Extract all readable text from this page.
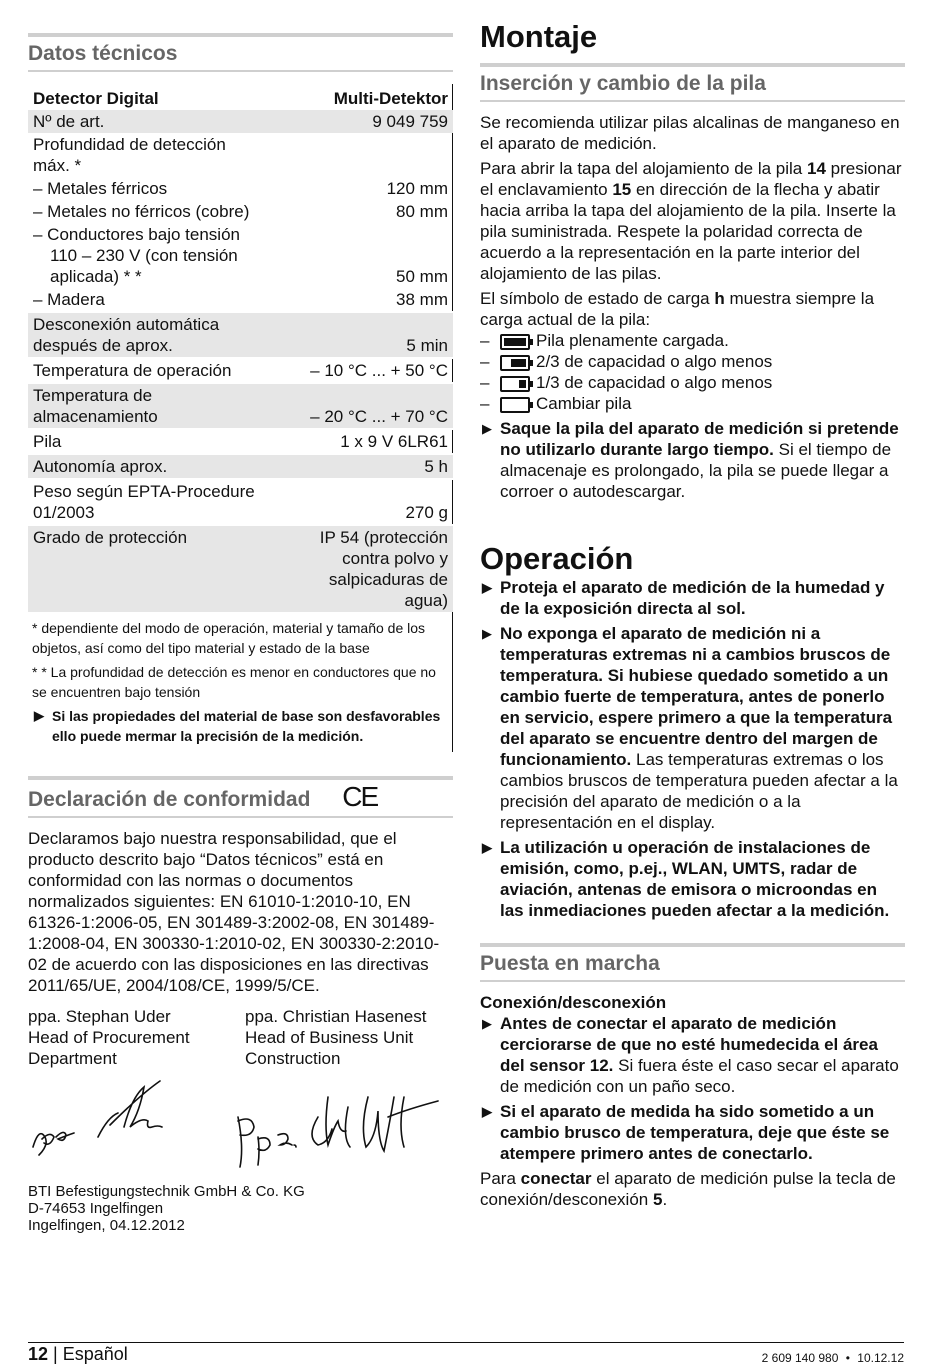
Datos técnicos
Detector Digital	Multi-Detektor
Nº de art.	9 049 759
Profundidad de detección máx. *	
– Metales férricos	120 mm
– Metales no férricos (cobre)	80 mm
– Conductores bajo tensión 110 – 230 V (con tensión aplicada) * *	50 mm
– Madera	38 mm
Desconexión automática después de aprox.	5 min
Temperatura de operación	– 10 °C ... + 50 °C
Temperatura de almacenamiento	– 20 °C ... + 70 °C
Pila	1 x 9 V 6LR61
Autonomía aprox.	5 h
Peso según EPTA-Procedure 01/2003	270 g
Grado de protección	IP 54 (protección contra polvo y salpicaduras de agua)

* dependiente del modo de operación, material y tamaño de los objetos, así como del tipo material y estado de la base

* * La profundidad de detección es menor en conductores que no se encuentren bajo tensión

▶ Si las propiedades del material de base son desfavorables ello puede mermar la precisión de la medición.

Declaración de conformidad CE

Declaramos bajo nuestra responsabilidad, que el producto descrito bajo “Datos técnicos” está en conformidad con las normas o documentos normalizados siguientes: EN 61010-1:2010-10, EN 61326-1:2006-05, EN 301489-3:2002-08, EN 301489-1:2008-04, EN 300330-1:2010-02, EN 300330-2:2010-02 de acuerdo con las disposiciones en las directivas 2011/65/UE, 2004/108/CE, 1999/5/CE.

ppa. Stephan Uder

Head of Procurement

Department

ppa. Christian Hasenest

Head of Business Unit

Construction

BTI Befestigungstechnik GmbH & Co. KG

D-74653 Ingelfingen

Ingelfingen, 04.12.2012

Montaje
Inserción y cambio de la pila

Se recomienda utilizar pilas alcalinas de manganeso en el aparato de medición.

Para abrir la tapa del alojamiento de la pila 14 presionar el enclavamiento 15 en dirección de la flecha y abatir hacia arriba la tapa del alojamiento de la pila. Inserte la pila suministrada. Respete la polaridad correcta de acuerdo a la representación en la parte interior del alojamiento de las pilas.

El símbolo de estado de carga h muestra siempre la carga actual de la pila:

–	Pila plenamente cargada.
–	2/3 de capacidad o algo menos
–	1/3 de capacidad o algo menos
–	Cambiar pila

▶ Saque la pila del aparato de medición si pretende no utilizarlo durante largo tiempo. Si el tiempo de almacenaje es prolongado, la pila se puede llegar a corroer o autodescargar.

Operación

▶ Proteja el aparato de medición de la humedad y de la exposición directa al sol.

▶ No exponga el aparato de medición ni a temperaturas extremas ni a cambios bruscos de temperatura. Si hubiese quedado sometido a un cambio fuerte de temperatura, antes de ponerlo en servicio, espere primero a que la temperatura del aparato se encuentre dentro del margen de funcionamiento. Las temperaturas extremas o los cambios bruscos de temperatura pueden afectar a la precisión del aparato de medición o a la representación en el display.

▶ La utilización u operación de instalaciones de emisión, como, p.ej., WLAN, UMTS, radar de aviación, antenas de emisora o microondas en las inmediaciones pueden afectar a la medición.

Puesta en marcha

Conexión/desconexión

▶ Antes de conectar el aparato de medición cerciorarse de que no esté humedecida el área del sensor 12. Si fuera éste el caso secar el aparato de medición con un paño seco.

▶ Si el aparato de medida ha sido sometido a un cambio brusco de temperatura, deje que éste se atempere primero antes de conectarlo.

Para conectar el aparato de medición pulse la tecla de conexión/desconexión 5.

12 | Español	2 609 140 980 • 10.12.12
